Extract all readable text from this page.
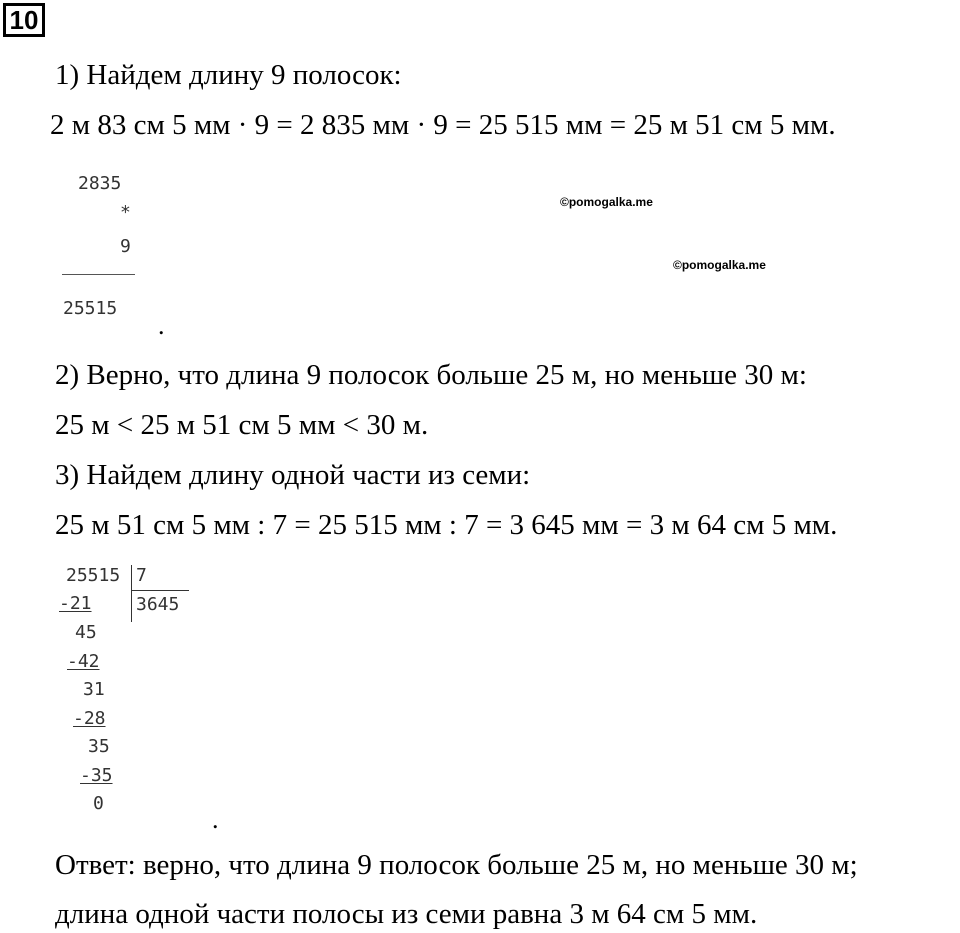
10
1) Найдем длину 9 полосок:
2 м 83 см 5 мм · 9 = 2 835 мм · 9 = 25 515 мм = 25 м 51 см 5 мм.
2835
*
9
25515
.
©pomogalka.me
©pomogalka.me
2) Верно, что длина 9 полосок больше 25 м, но меньше 30 м:
25 м < 25 м 51 см 5 мм < 30 м.
3) Найдем длину одной части из семи:
25 м 51 см 5 мм : 7 = 25 515 мм : 7 = 3 645 мм = 3 м 64 см 5 мм.
25515 7
3645
-21
45
-42
31
-28
35
-35
0
.
Ответ: верно, что длина 9 полосок больше 25 м, но меньше 30 м;
длина одной части полосы из семи равна 3 м 64 см 5 мм.
